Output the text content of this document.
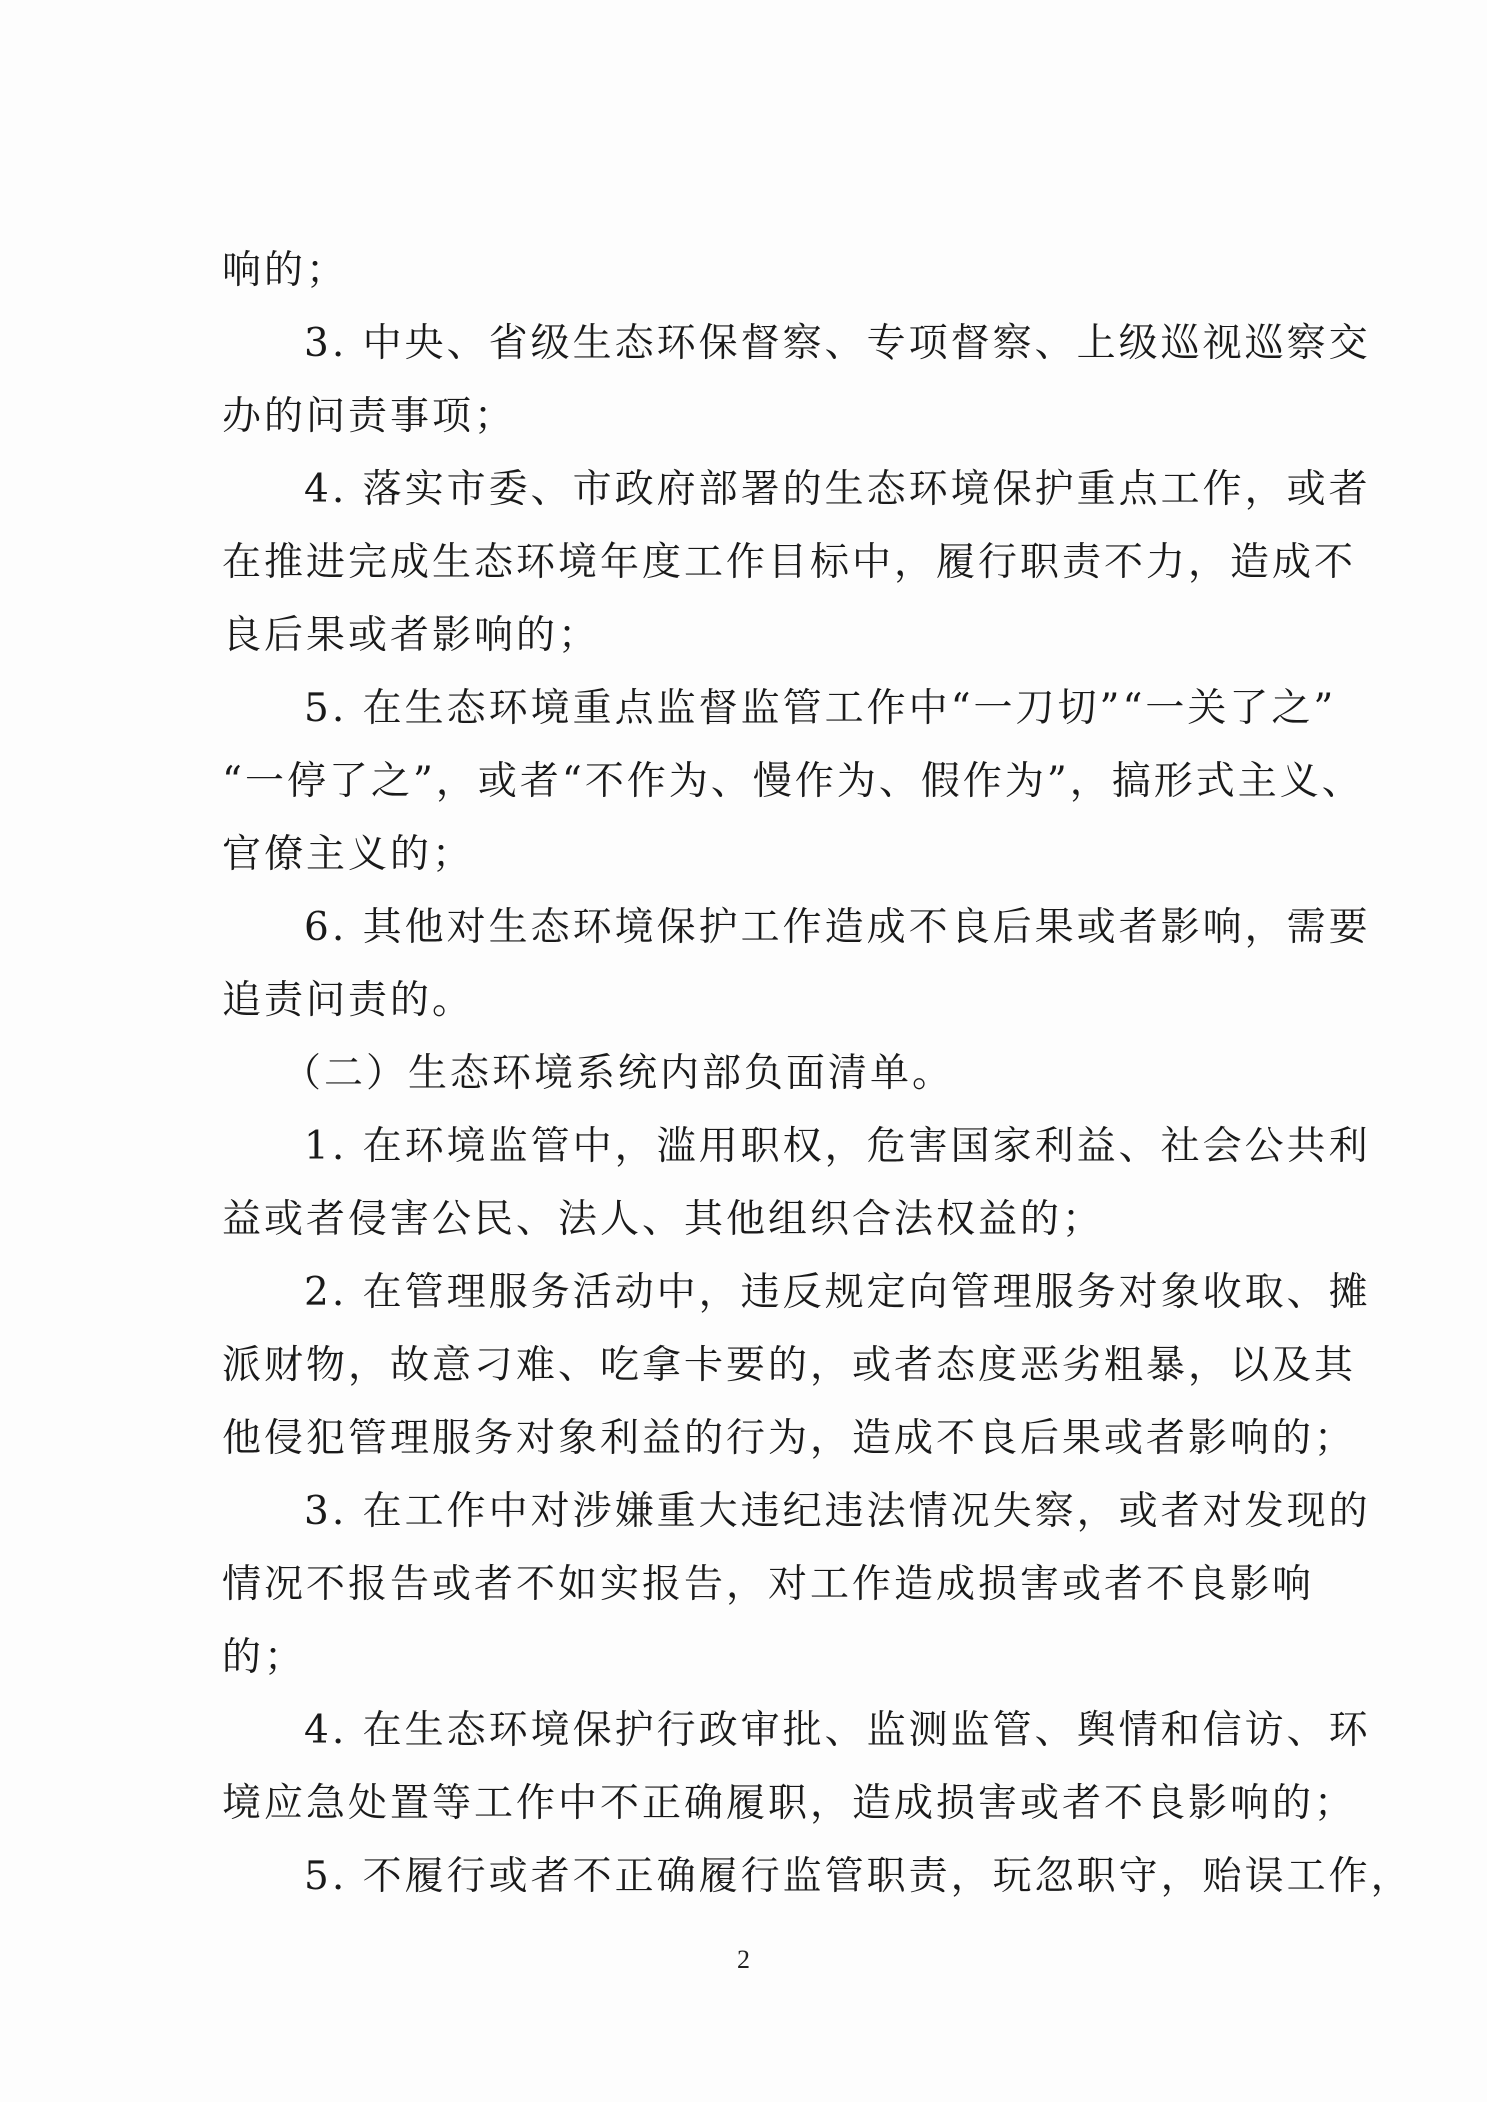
响的；
3. 中央、省级生态环保督察、专项督察、上级巡视巡察交
办的问责事项；
4. 落实市委、市政府部署的生态环境保护重点工作，或者
在推进完成生态环境年度工作目标中，履行职责不力，造成不
良后果或者影响的；
5. 在生态环境重点监督监管工作中“一刀切”“一关了之”
“一停了之”，或者“不作为、慢作为、假作为”，搞形式主义、
官僚主义的；
6. 其他对生态环境保护工作造成不良后果或者影响，需要
追责问责的。
（二）生态环境系统内部负面清单。
1. 在环境监管中，滥用职权，危害国家利益、社会公共利
益或者侵害公民、法人、其他组织合法权益的；
2. 在管理服务活动中，违反规定向管理服务对象收取、摊
派财物，故意刁难、吃拿卡要的，或者态度恶劣粗暴，以及其
他侵犯管理服务对象利益的行为，造成不良后果或者影响的；
3. 在工作中对涉嫌重大违纪违法情况失察，或者对发现的
情况不报告或者不如实报告，对工作造成损害或者不良影响
的；
4. 在生态环境保护行政审批、监测监管、舆情和信访、环
境应急处置等工作中不正确履职，造成损害或者不良影响的；
5. 不履行或者不正确履行监管职责，玩忽职守，贻误工作，
2
